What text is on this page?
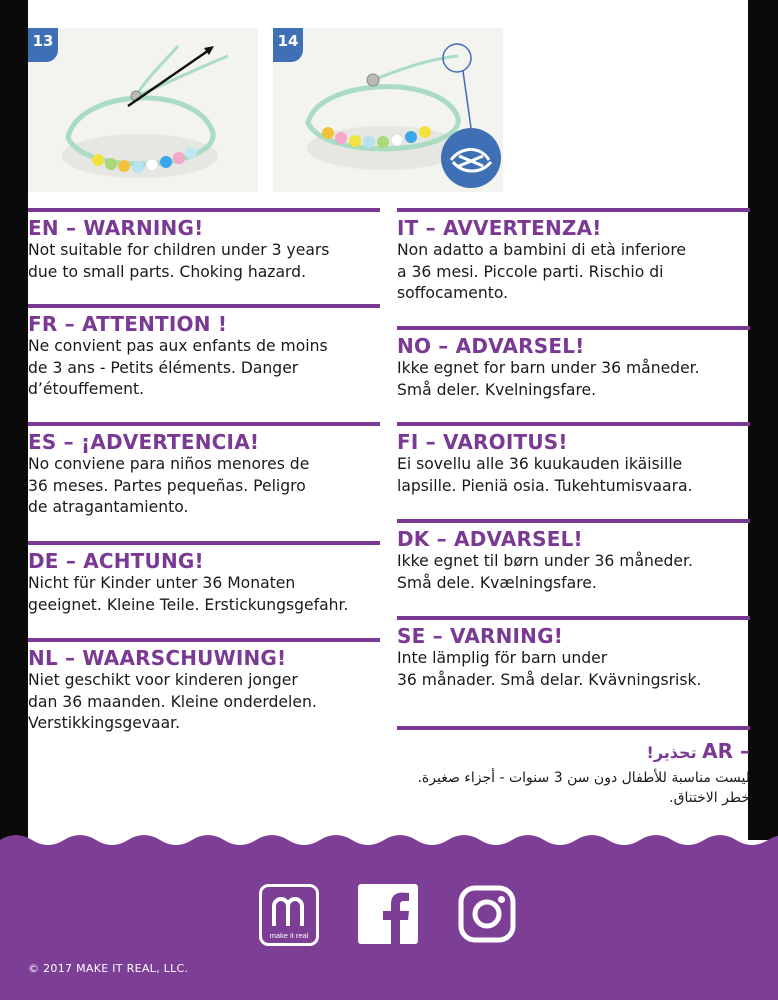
13	14
EN – WARNING!

Not suitable for children under 3 years
due to small parts. Choking hazard.

FR – ATTENTION !

Ne convient pas aux enfants de moins
de 3 ans - Petits éléments. Danger
d’étouffement.

ES – ¡ADVERTENCIA!

No conviene para niños menores de
36 meses. Partes pequeñas. Peligro
de atragantamiento.

DE – ACHTUNG!

Nicht für Kinder unter 36 Monaten
geeignet. Kleine Teile. Erstickungsgefahr.

NL – WAARSCHUWING!

Niet geschikt voor kinderen jonger
dan 36 maanden. Kleine onderdelen.
Verstikkingsgevaar.

IT – AVVERTENZA!

Non adatto a bambini di età inferiore
a 36 mesi. Piccole parti. Rischio di
soffocamento.

NO – ADVARSEL!

Ikke egnet for barn under 36 måneder.
Små deler. Kvelningsfare.

FI – VAROITUS!

Ei sovellu alle 36 kuukauden ikäisille
lapsille. Pieniä osia. Tukehtumisvaara.

DK – ADVARSEL!

Ikke egnet til børn under 36 måneder.
Små dele. Kvælningsfare.

SE – VARNING!

Inte lämplig för barn under
36 månader. Små delar. Kvävningsrisk.

AR – تحذير!

ليست مناسبة للأطفال دون سن 3 سنوات - أجزاء صغيرة.
خطر الاختناق.

make it real
© 2017 MAKE IT REAL, LLC.
